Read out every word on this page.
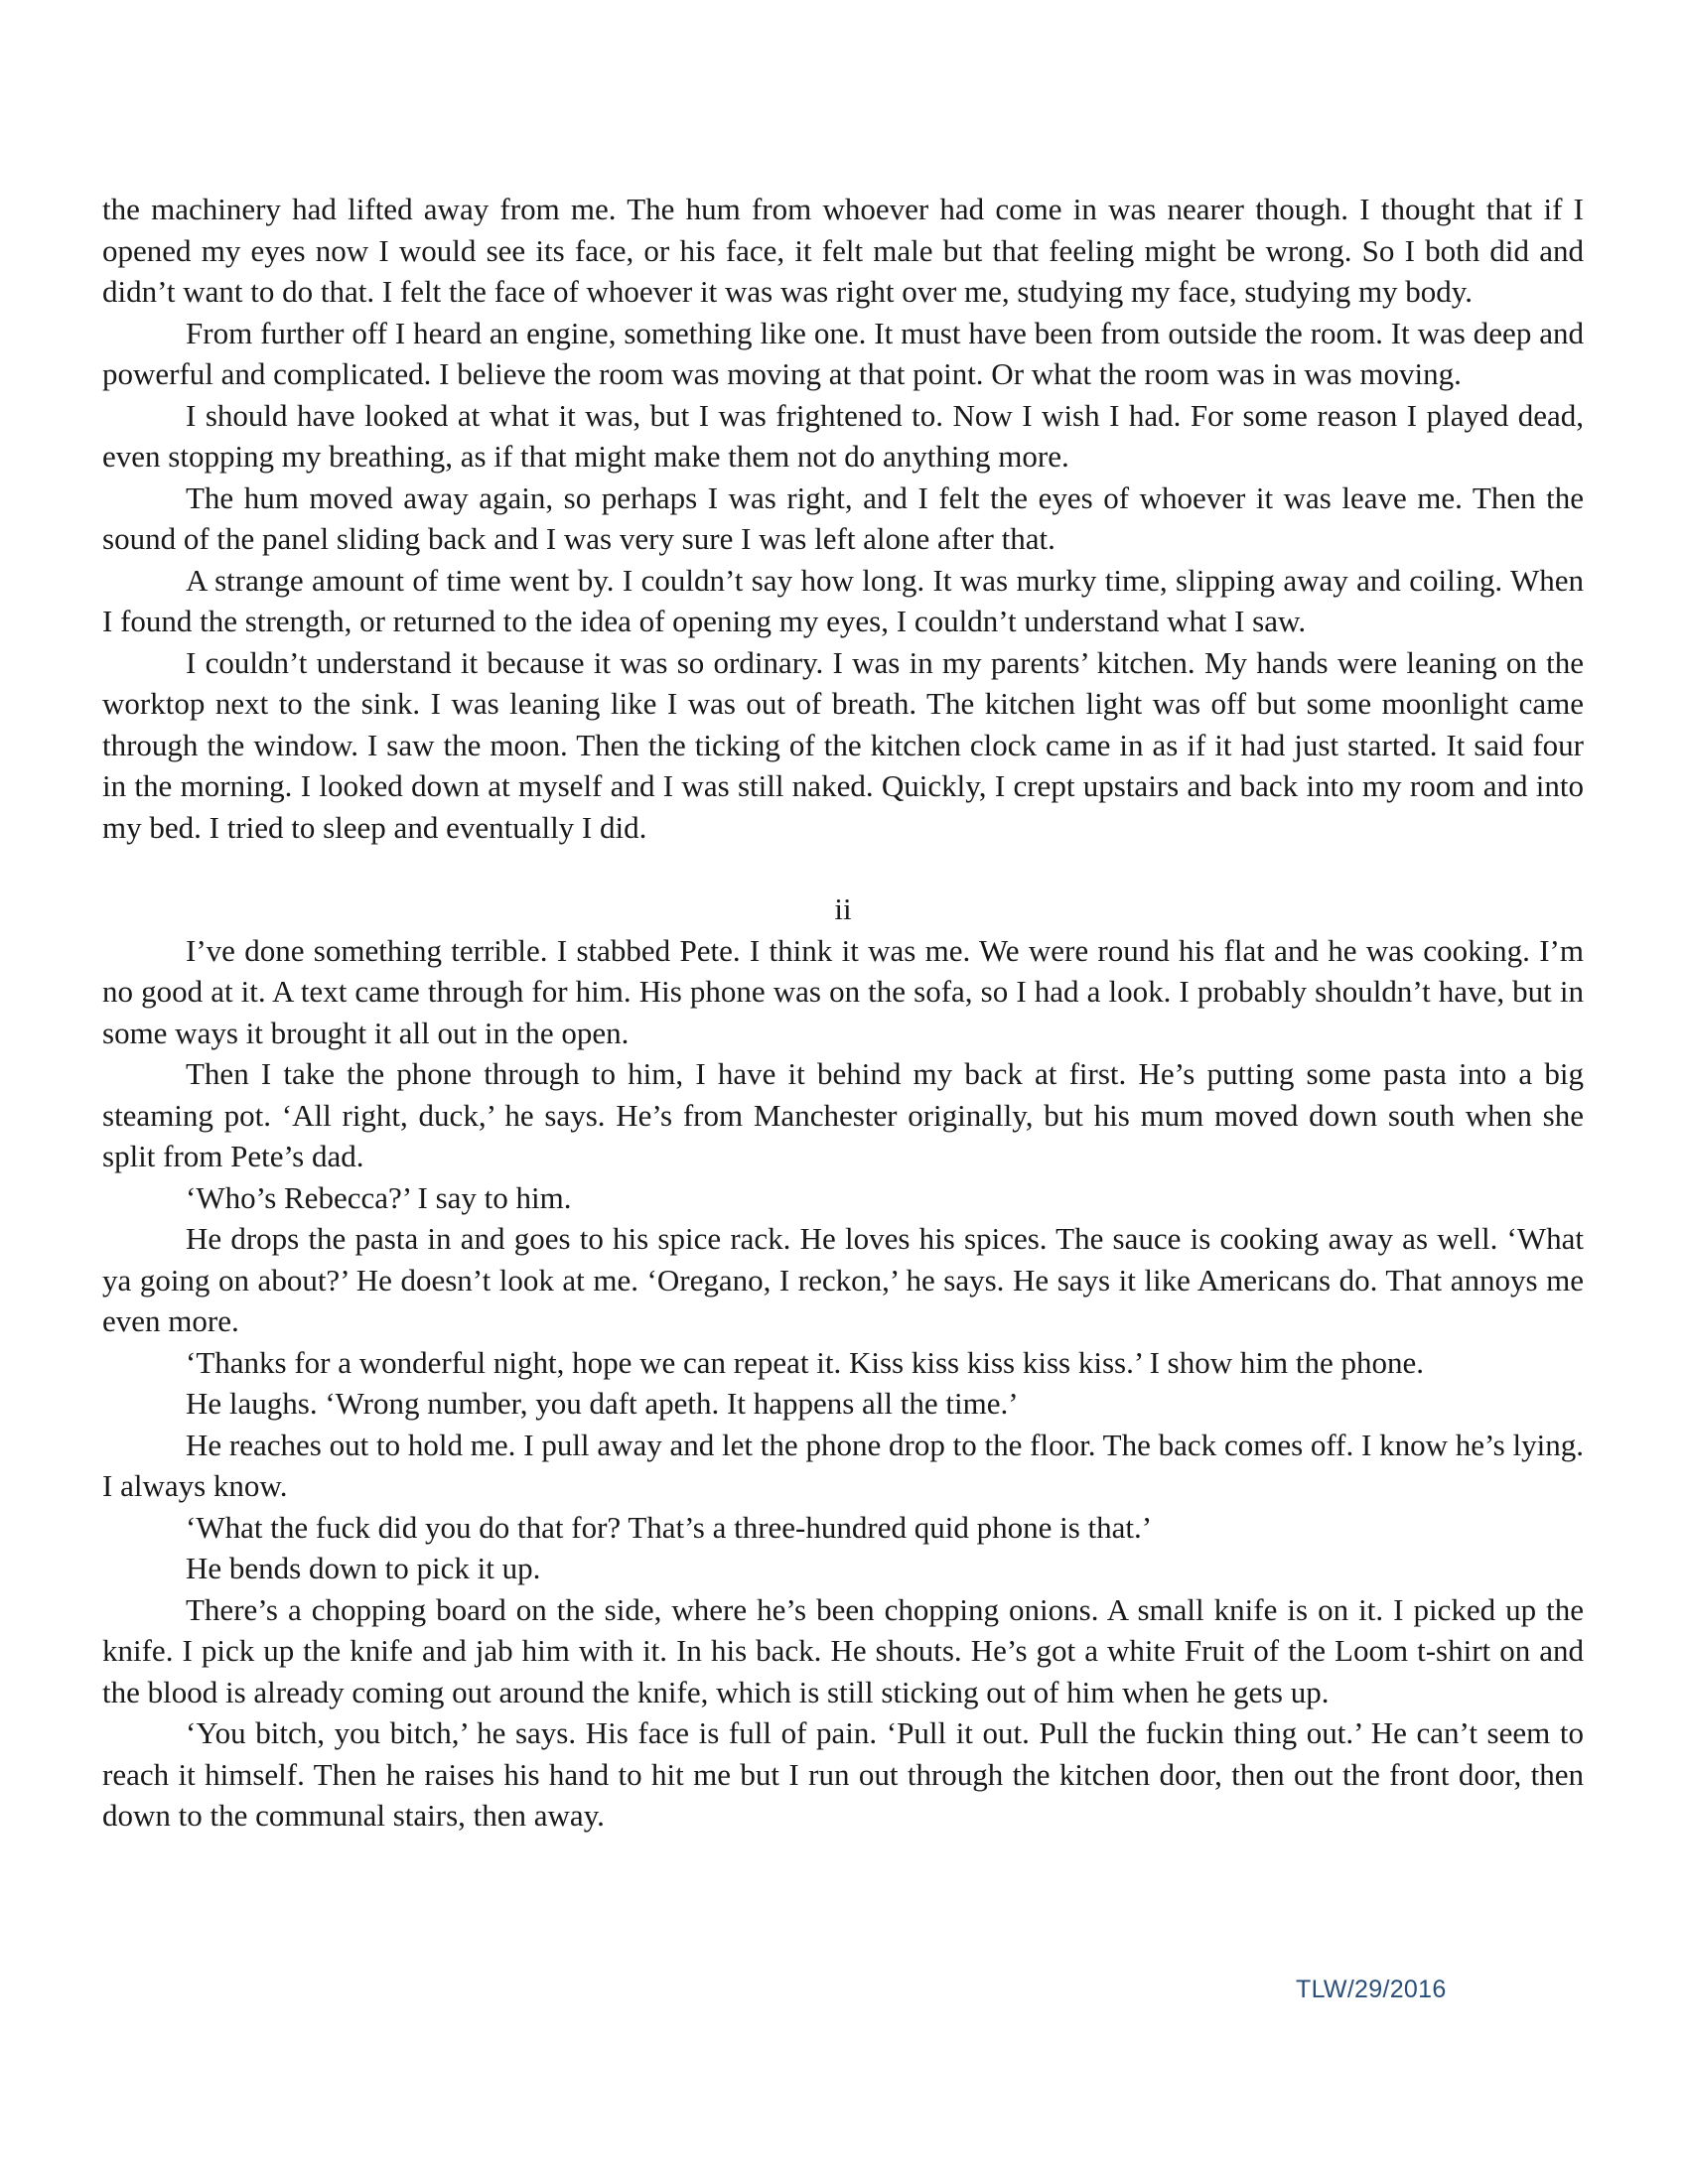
the machinery had lifted away from me. The hum from whoever had come in was nearer though. I thought that if I opened my eyes now I would see its face, or his face, it felt male but that feeling might be wrong. So I both did and didn’t want to do that. I felt the face of whoever it was was right over me, studying my face, studying my body.

From further off I heard an engine, something like one. It must have been from outside the room. It was deep and powerful and complicated. I believe the room was moving at that point. Or what the room was in was moving.

I should have looked at what it was, but I was frightened to. Now I wish I had. For some reason I played dead, even stopping my breathing, as if that might make them not do anything more.

The hum moved away again, so perhaps I was right, and I felt the eyes of whoever it was leave me. Then the sound of the panel sliding back and I was very sure I was left alone after that.

A strange amount of time went by. I couldn’t say how long. It was murky time, slipping away and coiling. When I found the strength, or returned to the idea of opening my eyes, I couldn’t understand what I saw.

I couldn’t understand it because it was so ordinary. I was in my parents’ kitchen. My hands were leaning on the worktop next to the sink. I was leaning like I was out of breath. The kitchen light was off but some moonlight came through the window. I saw the moon. Then the ticking of the kitchen clock came in as if it had just started. It said four in the morning. I looked down at myself and I was still naked. Quickly, I crept upstairs and back into my room and into my bed. I tried to sleep and eventually I did.

ii

I’ve done something terrible. I stabbed Pete. I think it was me. We were round his flat and he was cooking. I’m no good at it. A text came through for him. His phone was on the sofa, so I had a look. I probably shouldn’t have, but in some ways it brought it all out in the open.

Then I take the phone through to him, I have it behind my back at first. He’s putting some pasta into a big steaming pot. ‘All right, duck,’ he says. He’s from Manchester originally, but his mum moved down south when she split from Pete’s dad.

‘Who’s Rebecca?’ I say to him.

He drops the pasta in and goes to his spice rack. He loves his spices. The sauce is cooking away as well. ‘What ya going on about?’ He doesn’t look at me. ‘Oregano, I reckon,’ he says. He says it like Americans do. That annoys me even more.

‘Thanks for a wonderful night, hope we can repeat it. Kiss kiss kiss kiss kiss.’ I show him the phone.

He laughs. ‘Wrong number, you daft apeth. It happens all the time.’

He reaches out to hold me. I pull away and let the phone drop to the floor. The back comes off. I know he’s lying. I always know.

‘What the fuck did you do that for? That’s a three-hundred quid phone is that.’

He bends down to pick it up.

There’s a chopping board on the side, where he’s been chopping onions. A small knife is on it. I picked up the knife. I pick up the knife and jab him with it. In his back. He shouts. He’s got a white Fruit of the Loom t-shirt on and the blood is already coming out around the knife, which is still sticking out of him when he gets up.

‘You bitch, you bitch,’ he says. His face is full of pain. ‘Pull it out. Pull the fuckin thing out.’ He can’t seem to reach it himself. Then he raises his hand to hit me but I run out through the kitchen door, then out the front door, then down to the communal stairs, then away.

TLW/29/2016
